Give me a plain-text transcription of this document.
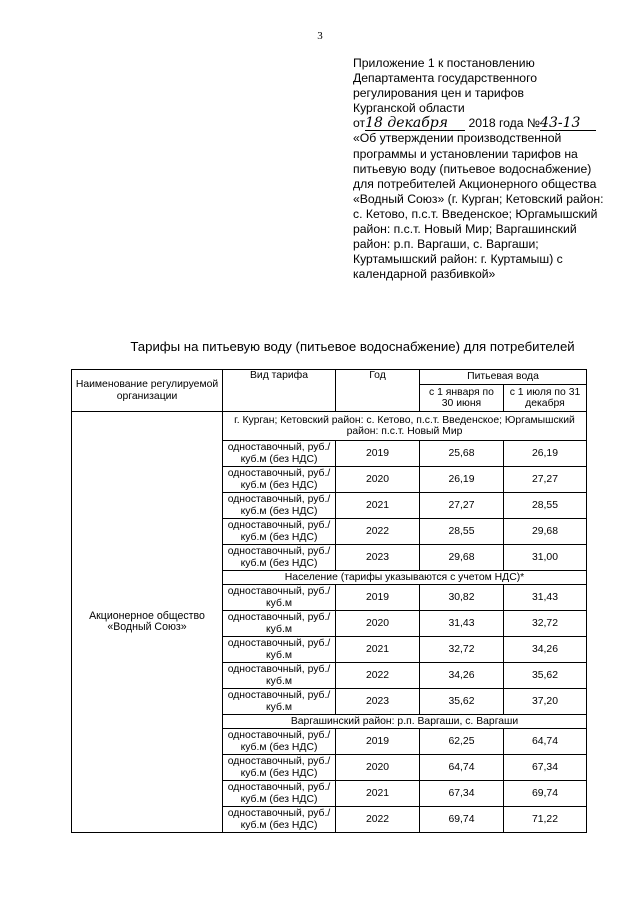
3
Приложение 1 к постановлению
Департамента государственного
регулирования цен и тарифов
Курганской области
от18 декабря 2018 года №43-13
«Об утверждении производственной программы и установлении тарифов на питьевую воду (питьевое водоснабжение) для потребителей Акционерного общества «Водный Союз» (г. Курган; Кетовский район: с. Кетово, п.с.т. Введенское; Юргамышский район: п.с.т. Новый Мир; Варгашинский район: р.п. Варгаши, с. Варгаши; Куртамышский район: г. Куртамыш) с календарной разбивкой»
Тарифы на питьевую воду (питьевое водоснабжение) для потребителей
Наименование регулируемой организации	Вид тарифа	Год	Питьевая вода	
			с 1 января по 30 июня	с 1 июля по 31 декабря
Акционерное общество «Водный Союз»	г. Курган; Кетовский район: с. Кетово, п.с.т. Введенское; Юргамышский район: п.с.т. Новый Мир			
	одноставочный, руб./куб.м (без НДС)	2019	25,68	26,19
	одноставочный, руб./куб.м (без НДС)	2020	26,19	27,27
	одноставочный, руб./куб.м (без НДС)	2021	27,27	28,55
	одноставочный, руб./куб.м (без НДС)	2022	28,55	29,68
	одноставочный, руб./куб.м (без НДС)	2023	29,68	31,00
	Население (тарифы указываются с учетом НДС)*			
	одноставочный, руб./куб.м	2019	30,82	31,43
	одноставочный, руб./куб.м	2020	31,43	32,72
	одноставочный, руб./куб.м	2021	32,72	34,26
	одноставочный, руб./куб.м	2022	34,26	35,62
	одноставочный, руб./куб.м	2023	35,62	37,20
	Варгашинский район: р.п. Варгаши, с. Варгаши			
	одноставочный, руб./куб.м (без НДС)	2019	62,25	64,74
	одноставочный, руб./куб.м (без НДС)	2020	64,74	67,34
	одноставочный, руб./куб.м (без НДС)	2021	67,34	69,74
	одноставочный, руб./куб.м (без НДС)	2022	69,74	71,22
